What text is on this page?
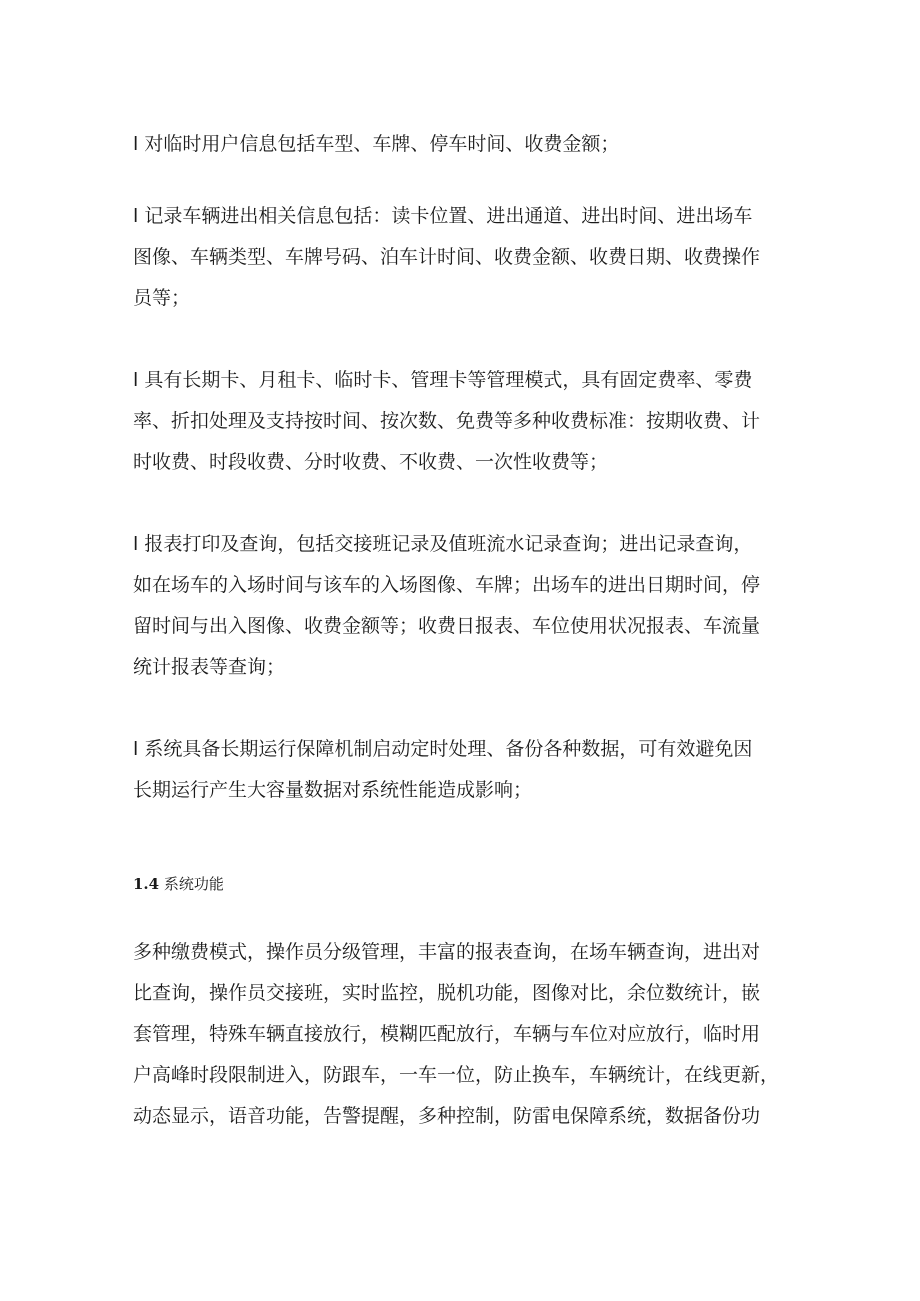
l 对临时用户信息包括车型、车牌、停车时间、收费金额；

l 记录车辆进出相关信息包括：读卡位置、进出通道、进出时间、进出场车
图像、车辆类型、车牌号码、泊车计时间、收费金额、收费日期、收费操作
员等；

l 具有长期卡、月租卡、临时卡、管理卡等管理模式，具有固定费率、零费
率、折扣处理及支持按时间、按次数、免费等多种收费标准：按期收费、计
时收费、时段收费、分时收费、不收费、一次性收费等；

l 报表打印及查询，包括交接班记录及值班流水记录查询；进出记录查询，
如在场车的入场时间与该车的入场图像、车牌；出场车的进出日期时间，停
留时间与出入图像、收费金额等；收费日报表、车位使用状况报表、车流量
统计报表等查询；

l 系统具备长期运行保障机制启动定时处理、备份各种数据，可有效避免因
长期运行产生大容量数据对系统性能造成影响；

1.4 系统功能

多种缴费模式，操作员分级管理，丰富的报表查询，在场车辆查询，进出对
比查询，操作员交接班，实时监控，脱机功能，图像对比，余位数统计，嵌
套管理，特殊车辆直接放行，模糊匹配放行，车辆与车位对应放行，临时用
户高峰时段限制进入，防跟车，一车一位，防止换车，车辆统计，在线更新，
动态显示，语音功能，告警提醒，多种控制，防雷电保障系统，数据备份功
